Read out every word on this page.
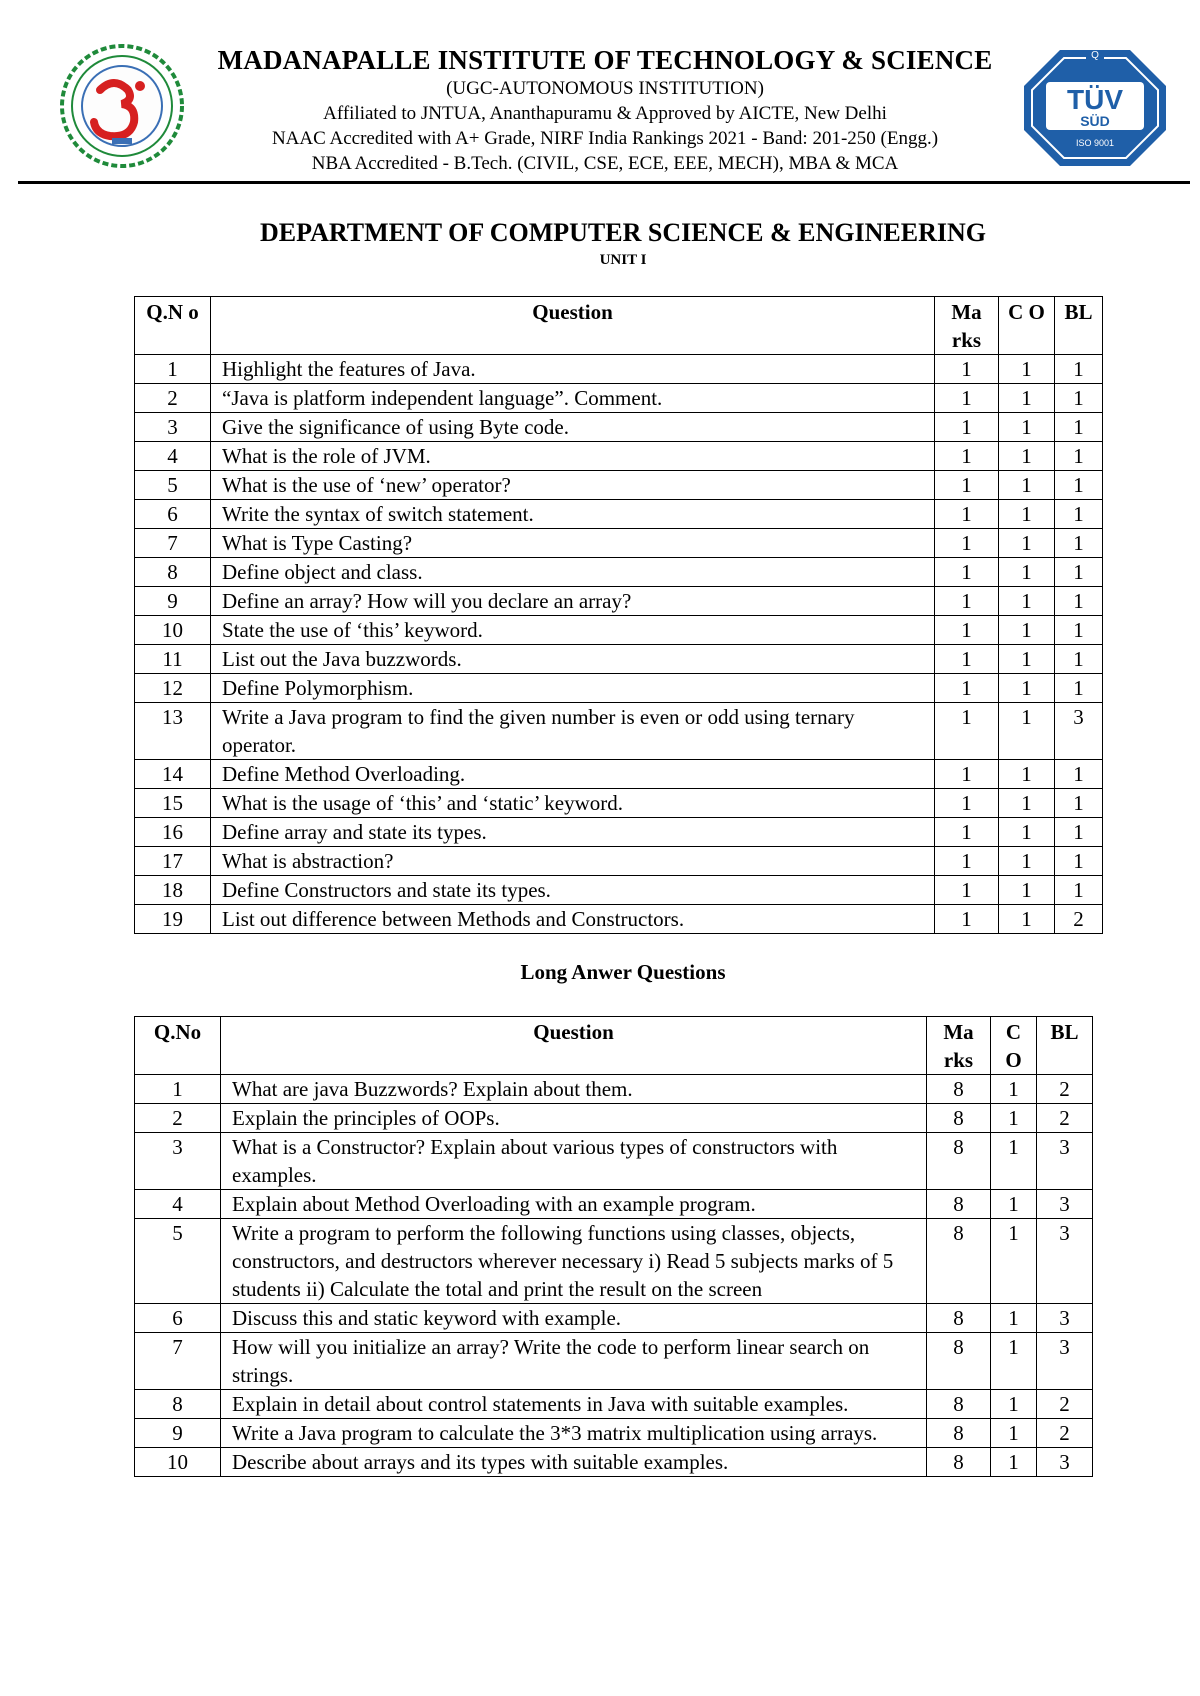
MADANAPALLE INSTITUTE OF TECHNOLOGY & SCIENCE
(UGC-AUTONOMOUS INSTITUTION)
Affiliated to JNTUA, Ananthapuramu & Approved by AICTE, New Delhi
NAAC Accredited with A+ Grade, NIRF India Rankings 2021 - Band: 201-250 (Engg.)
NBA Accredited - B.Tech. (CIVIL, CSE, ECE, EEE, MECH), MBA & MCA
Q
TÜV
SÜD
ISO 9001
DEPARTMENT OF COMPUTER SCIENCE & ENGINEERING
UNIT I
Q.N o	Question	Ma rks	C O	BL
1	Highlight the features of Java.	1	1	1
2	“Java is platform independent language”. Comment.	1	1	1
3	Give the significance of using Byte code.	1	1	1
4	What is the role of JVM.	1	1	1
5	What is the use of ‘new’ operator?	1	1	1
6	Write the syntax of switch statement.	1	1	1
7	What is Type Casting?	1	1	1
8	Define object and class.	1	1	1
9	Define an array? How will you declare an array?	1	1	1
10	State the use of ‘this’ keyword.	1	1	1
11	List out the Java buzzwords.	1	1	1
12	Define Polymorphism.	1	1	1
13	Write a Java program to find the given number is even or odd using ternary operator.	1	1	3
14	Define Method Overloading.	1	1	1
15	What is the usage of ‘this’ and ‘static’ keyword.	1	1	1
16	Define array and state its types.	1	1	1
17	What is abstraction?	1	1	1
18	Define Constructors and state its types.	1	1	1
19	List out difference between Methods and Constructors.	1	1	2
Long Anwer Questions
Q.No	Question	Ma rks	C O	BL
1	What are java Buzzwords? Explain about them.	8	1	2
2	Explain the principles of OOPs.	8	1	2
3	What is a Constructor? Explain about various types of constructors with examples.	8	1	3
4	Explain about Method Overloading with an example program.	8	1	3
5	Write a program to perform the following functions using classes, objects, constructors, and destructors wherever necessary i) Read 5 subjects marks of 5 students ii) Calculate the total and print the result on the screen	8	1	3
6	Discuss this and static keyword with example.	8	1	3
7	How will you initialize an array? Write the code to perform linear search on strings.	8	1	3
8	Explain in detail about control statements in Java with suitable examples.	8	1	2
9	Write a Java program to calculate the 3*3 matrix multiplication using arrays.	8	1	2
10	Describe about arrays and its types with suitable examples.	8	1	3
